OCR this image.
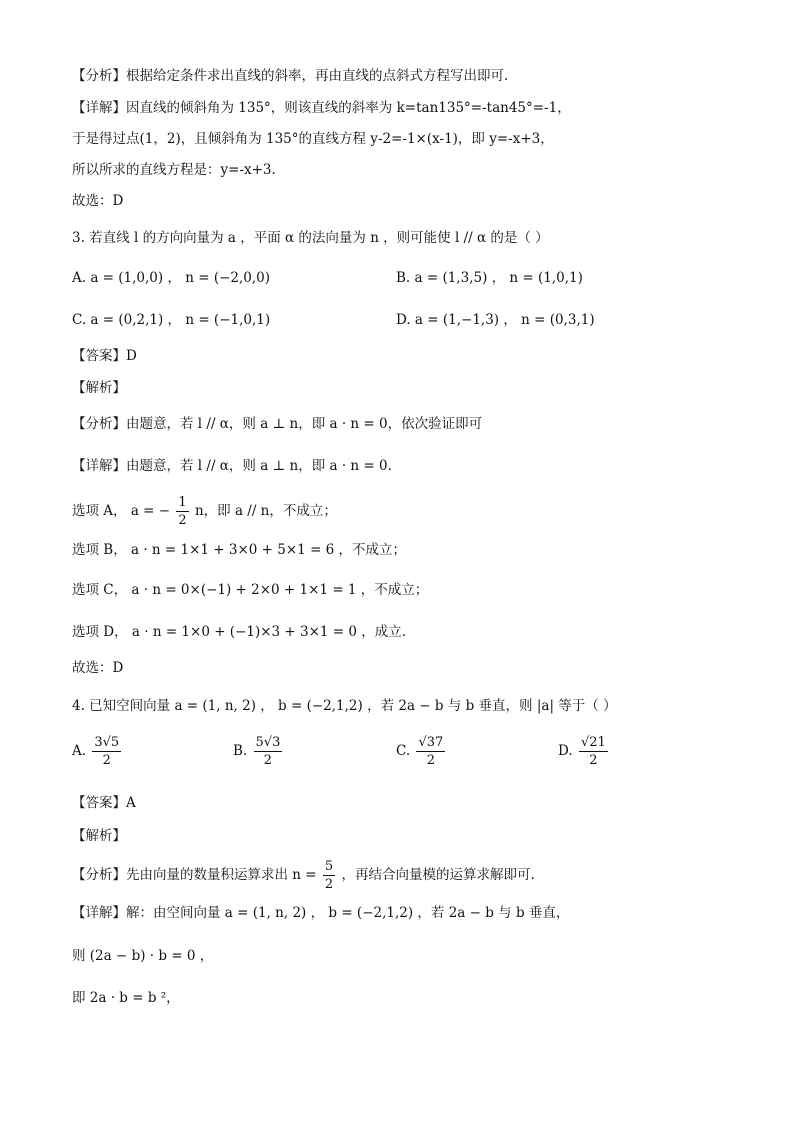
【分析】根据给定条件求出直线的斜率，再由直线的点斜式方程写出即可.
【详解】因直线的倾斜角为 135°，则该直线的斜率为 k=tan135°=-tan45°=-1，
于是得过点(1，2)，且倾斜角为 135°的直线方程 y-2=-1×(x-1)，即 y=-x+3，
所以所求的直线方程是：y=-x+3.
故选：D
3. 若直线 l 的方向向量为 a ，平面 α 的法向量为 n ，则可能使 l // α 的是（ ）
A. a = (1,0,0) ， n = (−2,0,0)	B. a = (1,3,5) ， n = (1,0,1)
C. a = (0,2,1) ， n = (−1,0,1)	D. a = (1,−1,3) ， n = (0,3,1)
【答案】D
【解析】
【分析】由题意，若 l // α，则 a ⊥ n，即 a · n = 0，依次验证即可
【详解】由题意，若 l // α，则 a ⊥ n，即 a · n = 0.
选项 A， a = − $\frac{1}{2}$ n，即 a // n，不成立；
选项 B， a · n = 1×1 + 3×0 + 5×1 = 6 ，不成立；
选项 C， a · n = 0×(−1) + 2×0 + 1×1 = 1 ，不成立；
选项 D， a · n = 1×0 + (−1)×3 + 3×1 = 0 ，成立.
故选：D
4. 已知空间向量 a = (1, n, 2) ， b = (−2,1,2) ，若 2a − b 与 b 垂直，则 |a| 等于（ ）
A. $\frac{3√5}{2}$	B. $\frac{5√3}{2}$	C. $\frac{√37}{2}$	D. $\frac{√21}{2}$
【答案】A
【解析】
【分析】先由向量的数量积运算求出 $n = \frac{5}{2}$ ，再结合向量模的运算求解即可.
【详解】解：由空间向量 a = (1, n, 2) ， b = (−2,1,2) ，若 2a − b 与 b 垂直，
则 (2a − b) · b = 0 ，
即 2a · b = b ²，
